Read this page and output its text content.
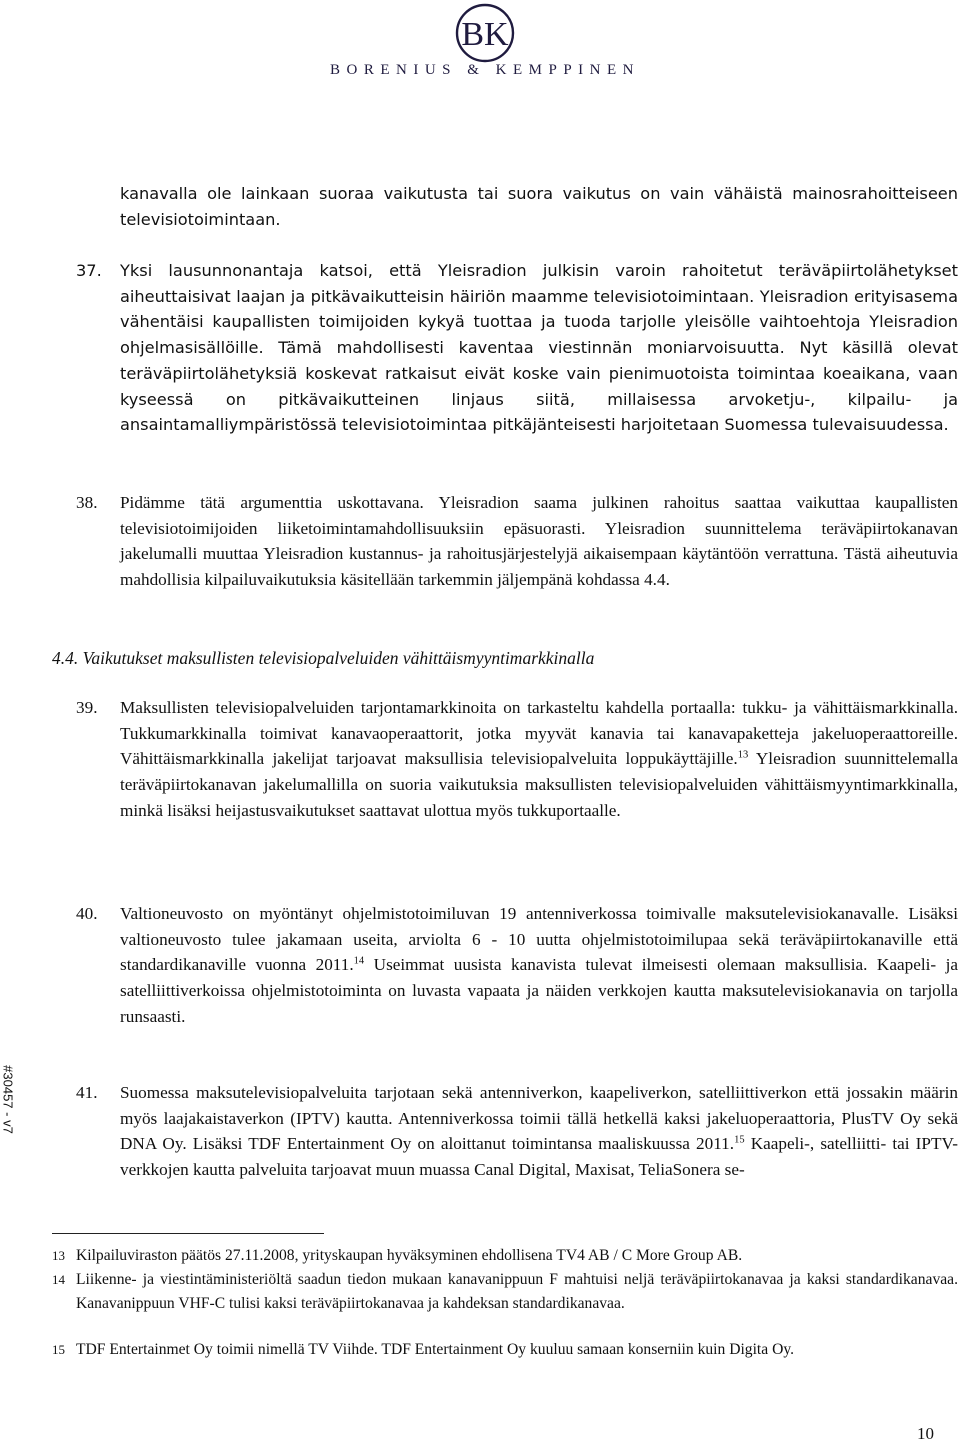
BK
BORENIUS & KEMPPINEN
kanavalla ole lainkaan suoraa vaikutusta tai suora vaikutus on vain vähäistä mainosrahoitteiseen televisiotoimintaan.
37. Yksi lausunnonantaja katsoi, että Yleisradion julkisin varoin rahoitetut teräväpiirtolähetykset aiheuttaisivat laajan ja pitkävaikutteisin häiriön maamme televisiotoimintaan. Yleisradion erityisasema vähentäisi kaupallisten toimijoiden kykyä tuottaa ja tuoda tarjolle yleisölle vaihtoehtoja Yleisradion ohjelmasisällöille. Tämä mahdollisesti kaventaa viestinnän moniarvoisuutta. Nyt käsillä olevat teräväpiirtolähetyksiä koskevat ratkaisut eivät koske vain pienimuotoista toimintaa koeaikana, vaan kyseessä on pitkävaikutteinen linjaus siitä, millaisessa arvoketju-, kilpailu- ja ansaintamalliympäristössä televisiotoimintaa pitkäjänteisesti harjoitetaan Suomessa tulevaisuudessa.
38. Pidämme tätä argumenttia uskottavana. Yleisradion saama julkinen rahoitus saattaa vaikuttaa kaupallisten televisiotoimijoiden liiketoimintamahdollisuuksiin epäsuorasti. Yleisradion suunnittelema teräväpiirtokanavan jakelumalli muuttaa Yleisradion kustannus- ja rahoitusjärjestelyjä aikaisempaan käytäntöön verrattuna. Tästä aiheutuvia mahdollisia kilpailuvaikutuksia käsitellään tarkemmin jäljempänä kohdassa 4.4.
4.4. Vaikutukset maksullisten televisiopalveluiden vähittäismyyntimarkkinalla
39. Maksullisten televisiopalveluiden tarjontamarkkinoita on tarkasteltu kahdella portaalla: tukku- ja vähittäismarkkinalla. Tukkumarkkinalla toimivat kanavaoperaattorit, jotka myyvät kanavia tai kanavapaketteja jakeluoperaattoreille. Vähittäismarkkinalla jakelijat tarjoavat maksullisia televisiopalveluita loppukäyttäjille.$^{13}$ Yleisradion suunnittelemalla teräväpiirtokanavan jakelumallilla on suoria vaikutuksia maksullisten televisiopalveluiden vähittäismyyntimarkkinalla, minkä lisäksi heijastusvaikutukset saattavat ulottua myös tukkuportaalle.
40. Valtioneuvosto on myöntänyt ohjelmistotoimiluvan 19 antenniverkossa toimivalle maksutelevisiokanavalle. Lisäksi valtioneuvosto tulee jakamaan useita, arviolta 6 - 10 uutta ohjelmistotoimilupaa sekä teräväpiirtokanaville että standardikanaville vuonna 2011.14 Useimmat uusista kanavista tulevat ilmeisesti olemaan maksullisia. Kaapeli- ja satelliittiverkoissa ohjelmistotoiminta on luvasta vapaata ja näiden verkkojen kautta maksutelevisiokanavia on tarjolla runsaasti.
41. Suomessa maksutelevisiopalveluita tarjotaan sekä antenniverkon, kaapeliverkon, satelliittiverkon että jossakin määrin myös laajakaistaverkon (IPTV) kautta. Antenniverkossa toimii tällä hetkellä kaksi jakeluoperaattoria, PlusTV Oy sekä DNA Oy. Lisäksi TDF Entertainment Oy on aloittanut toimintansa maaliskuussa 2011.15 Kaapeli-, satelliitti- tai IPTV-verkkojen kautta palveluita tarjoavat muun muassa Canal Digital, Maxisat, TeliaSonera se-
13 Kilpailuviraston päätös 27.11.2008, yrityskaupan hyväksyminen ehdollisena TV4 AB / C More Group AB.
14 Liikenne- ja viestintäministeriöltä saadun tiedon mukaan kanavanippuun F mahtuisi neljä teräväpiirtokanavaa ja kaksi standardikanavaa. Kanavanippuun VHF-C tulisi kaksi teräväpiirtokanavaa ja kahdeksan standardikanavaa.
15 TDF Entertainmet Oy toimii nimellä TV Viihde. TDF Entertainment Oy kuuluu samaan konserniin kuin Digita Oy.
#30457 - v7
10
